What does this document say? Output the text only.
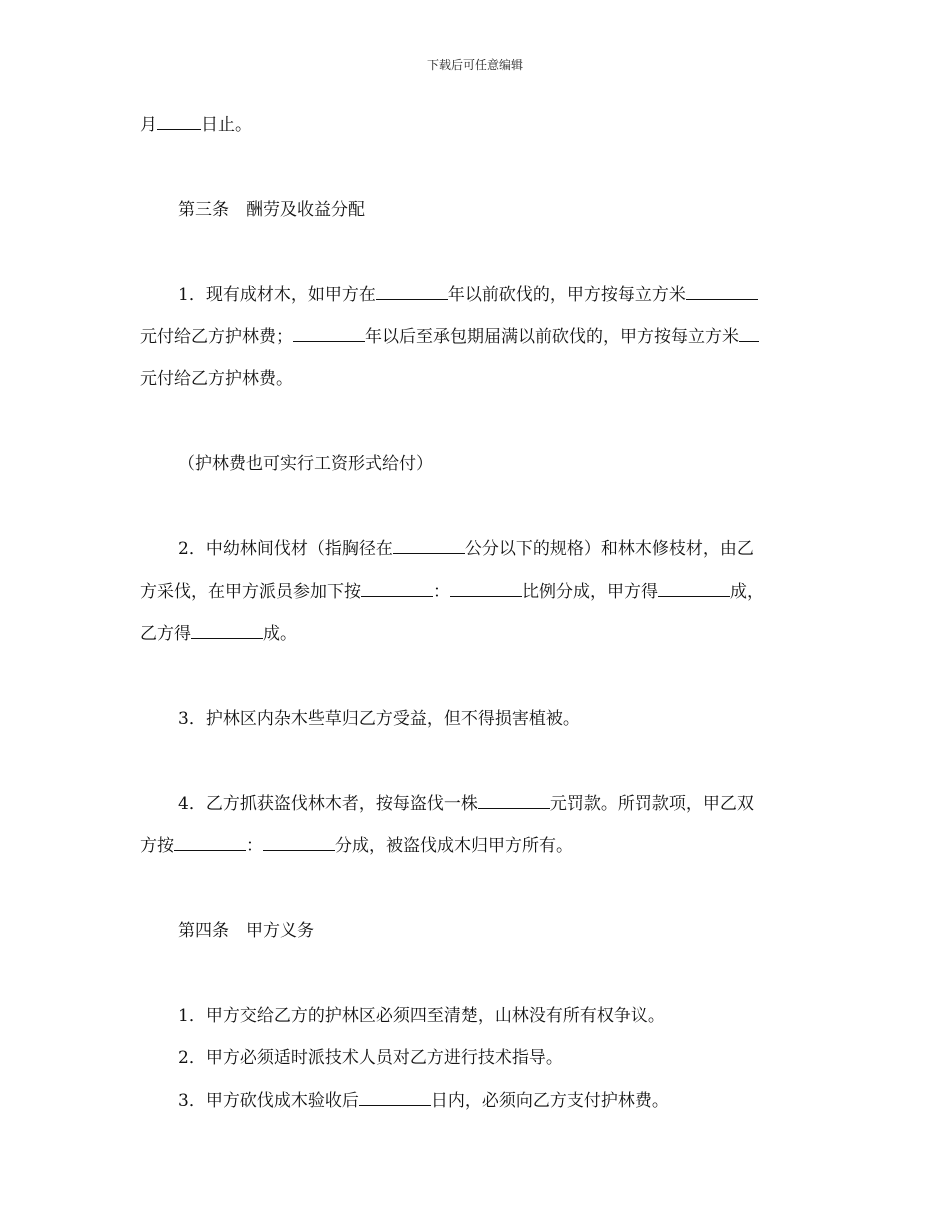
下载后可任意编辑
月	日止。
第三条 酬劳及收益分配
1．现有成材木，如甲方在	年以前砍伐的，甲方按每立方米
元付给乙方护林费；	年以后至承包期届满以前砍伐的，甲方按每立方米
元付给乙方护林费。
（护林费也可实行工资形式给付）
2．中幼林间伐材（指胸径在	公分以下的规格）和林木修枝材，由乙
方采伐，在甲方派员参加下按	：	比例分成，甲方得	成，
乙方得	成。
3．护林区内杂木些草归乙方受益，但不得损害植被。
4．乙方抓获盗伐林木者，按每盗伐一株	元罚款。所罚款项，甲乙双
方按	：	分成，被盗伐成木归甲方所有。
第四条 甲方义务
1．甲方交给乙方的护林区必须四至清楚，山林没有所有权争议。
2．甲方必须适时派技术人员对乙方进行技术指导。
3．甲方砍伐成木验收后	日内，必须向乙方支付护林费。
